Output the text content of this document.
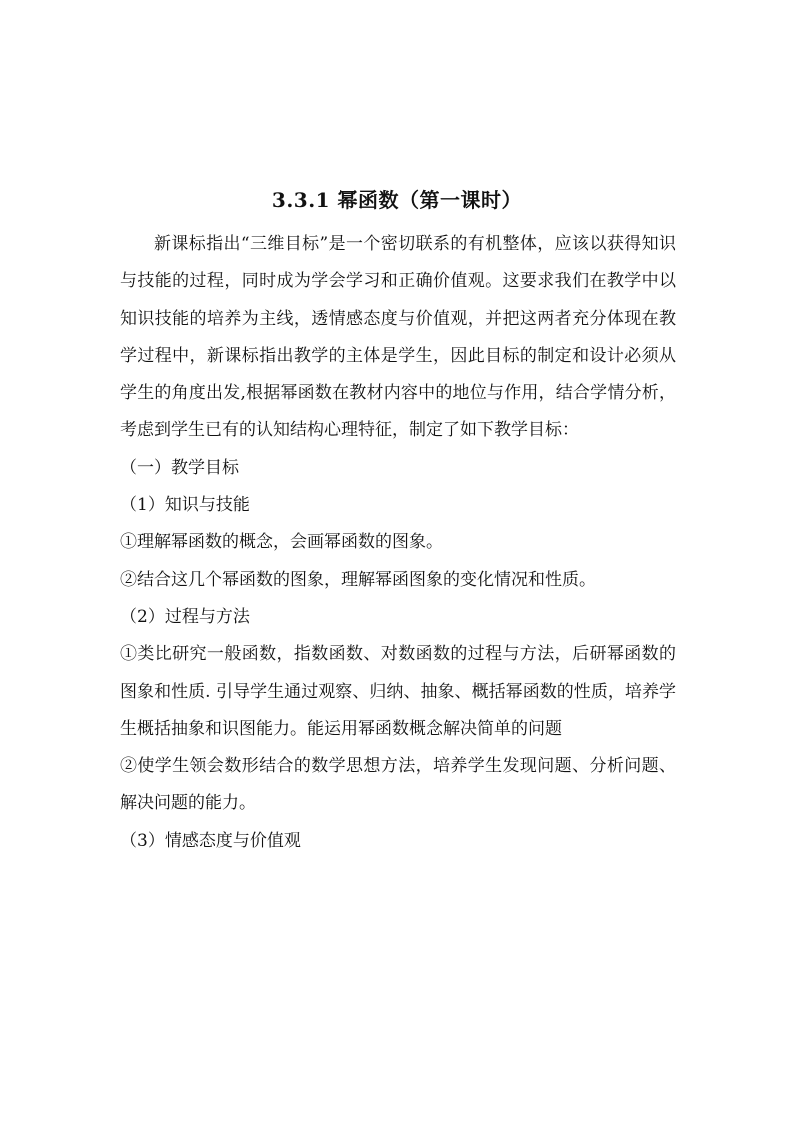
3.3.1 幂函数（第一课时）

新课标指出“三维目标”是一个密切联系的有机整体，应该以获得知识与技能的过程，同时成为学会学习和正确价值观。这要求我们在教学中以知识技能的培养为主线，透情感态度与价值观，并把这两者充分体现在教学过程中，新课标指出教学的主体是学生，因此目标的制定和设计必须从学生的角度出发,根据幂函数在教材内容中的地位与作用，结合学情分析，考虑到学生已有的认知结构心理特征，制定了如下教学目标：

（一）教学目标

（1）知识与技能

①理解幂函数的概念，会画幂函数的图象。

②结合这几个幂函数的图象，理解幂函图象的变化情况和性质。

（2）过程与方法

①类比研究一般函数，指数函数、对数函数的过程与方法，后研幂函数的图象和性质. 引导学生通过观察、归纳、抽象、概括幂函数的性质，培养学生概括抽象和识图能力。能运用幂函数概念解决简单的问题

②使学生领会数形结合的数学思想方法，培养学生发现问题、分析问题、解决问题的能力。

（3）情感态度与价值观
